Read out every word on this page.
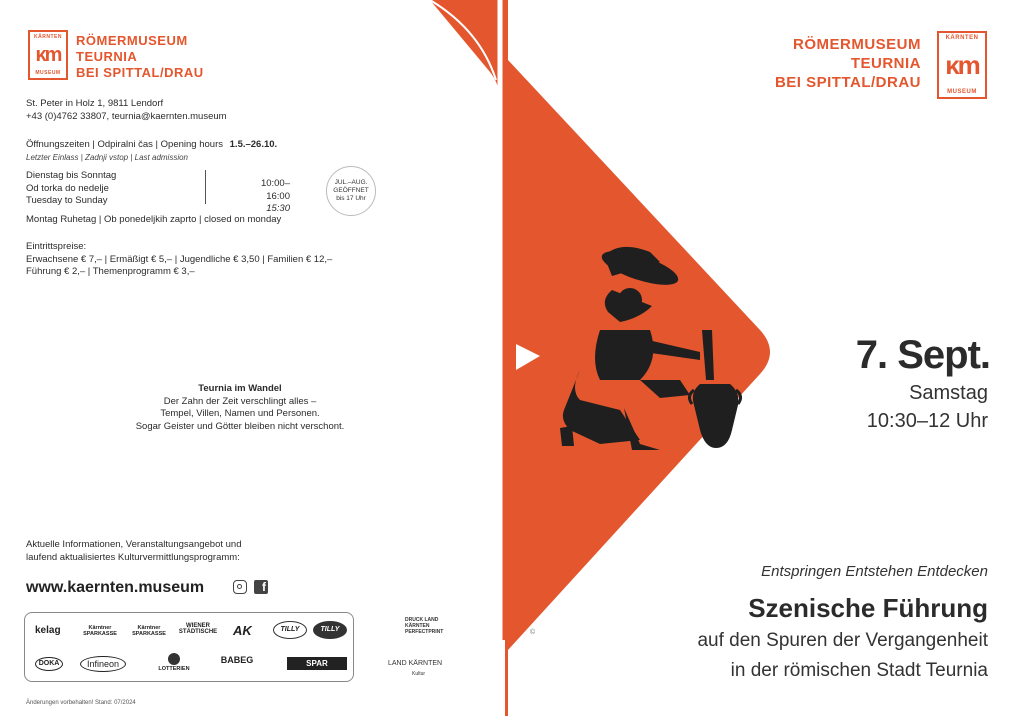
KÄRNTEN
ᴋm
MUSEUM
RÖMERMUSEUM
TEURNIA
BEI SPITTAL/DRAU
St. Peter in Holz 1, 9811 Lendorf
+43 (0)4762 33807, teurnia@kaernten.museum
Öffnungszeiten | Odpiralni čas | Opening hours 1.5.–26.10.
Letzter Einlass | Zadnji vstop | Last admission
Dienstag bis Sonntag
Od torka do nedelje
Tuesday to Sunday
10:00–16:00
15:30
JUL.–AUG.
GEÖFFNET
bis 17 Uhr
Montag Ruhetag | Ob ponedeljkih zaprto | closed on monday
Eintrittspreise:
Erwachsene € 7,– | Ermäßigt € 5,– | Jugendliche € 3,50 | Familien € 12,–
Führung € 2,– | Themenprogramm € 3,–
Teurnia im Wandel
Der Zahn der Zeit verschlingt alles –
Tempel, Villen, Namen und Personen.
Sogar Geister und Götter bleiben nicht verschont.
Aktuelle Informationen, Veranstaltungsangebot und
laufend aktualisiertes Kulturvermittlungsprogramm:
www.kaernten.museum	f
kelag	Kärntner SPARKASSE
Kärntner SPARKASSE
WIENER STÄDTISCHE AK	TILLY	TILLY
DOKA	Infineon	LOTTERIEN
BABEG	SPAR
DRUCK LAND
KÄRNTEN
PERFECTPRINT
LAND KÄRNTEN
Kultur
Änderungen vorbehalten! Stand: 07/2024
RÖMERMUSEUM
TEURNIA
BEI SPITTAL/DRAU
KÄRNTEN
ᴋm
MUSEUM
7. Sept.
Samstag
10:30–12 Uhr
Entspringen Entstehen Entdecken
Szenische Führung
auf den Spuren der Vergangenheit
in der römischen Stadt Teurnia
©
